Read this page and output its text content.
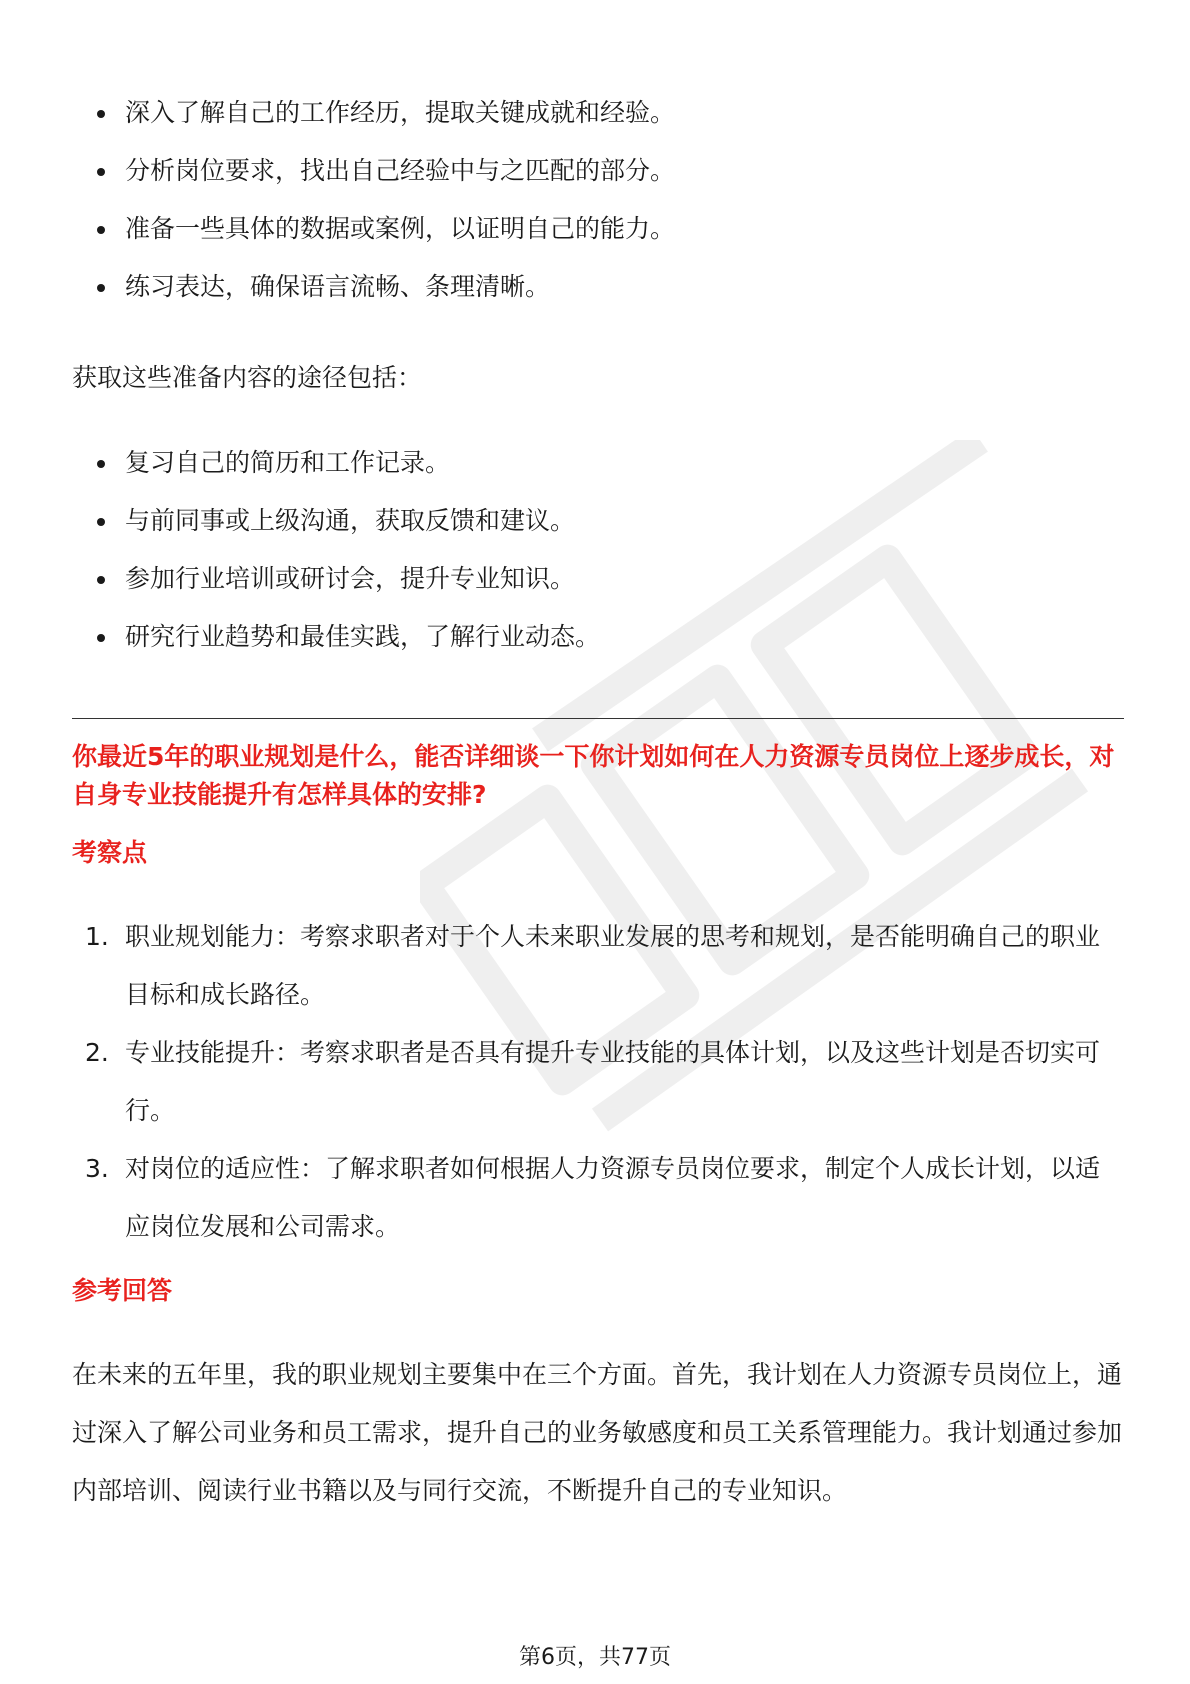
深入了解自己的工作经历，提取关键成就和经验。
分析岗位要求，找出自己经验中与之匹配的部分。
准备一些具体的数据或案例，以证明自己的能力。
练习表达，确保语言流畅、条理清晰。
获取这些准备内容的途径包括：
复习自己的简历和工作记录。
与前同事或上级沟通，获取反馈和建议。
参加行业培训或研讨会，提升专业知识。
研究行业趋势和最佳实践，了解行业动态。
你最近5年的职业规划是什么，能否详细谈一下你计划如何在人力资源专员岗位上逐步成长，对自身专业技能提升有怎样具体的安排?
考察点
1. 职业规划能力：考察求职者对于个人未来职业发展的思考和规划，是否能明确自己的职业目标和成长路径。
2. 专业技能提升：考察求职者是否具有提升专业技能的具体计划，以及这些计划是否切实可行。
3. 对岗位的适应性：了解求职者如何根据人力资源专员岗位要求，制定个人成长计划，以适应岗位发展和公司需求。
参考回答
在未来的五年里，我的职业规划主要集中在三个方面。首先，我计划在人力资源专员岗位上，通过深入了解公司业务和员工需求，提升自己的业务敏感度和员工关系管理能力。我计划通过参加内部培训、阅读行业书籍以及与同行交流，不断提升自己的专业知识。
第6页，共77页
